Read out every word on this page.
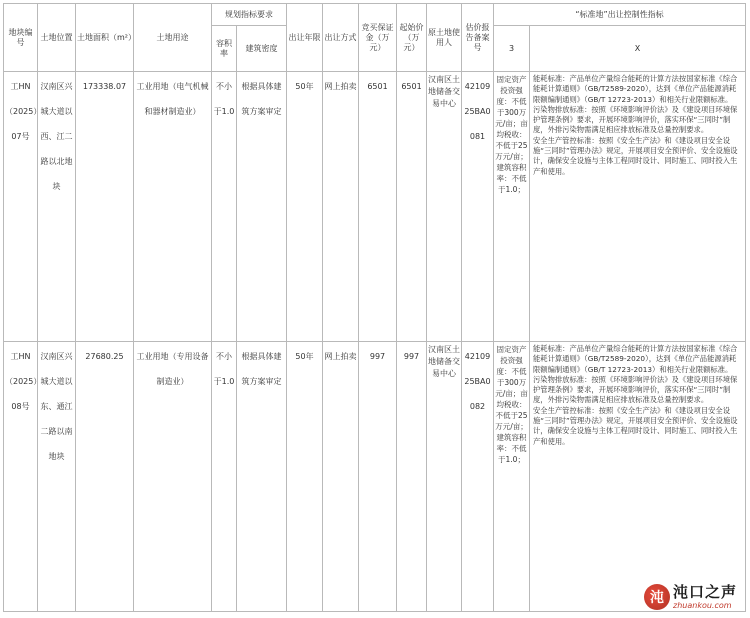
地块编号	土地位置	土地面积（m²）	土地用途	规划指标要求		出让年限	出让方式	竞买保证金（万元）	起始价（万元）	原土地使用人	估价报告备案号	“标准地”出让控制性指标	
				容积率	建筑密度							3	X
工HN（2025）07号	汉南区兴城大道以西、江二路以北地块	173338.07	工业用地（电气机械和器材制造业）	不小于1.0	根据具体建筑方案审定	50年	网上拍卖	6501	6501	汉南区土地储备交易中心	4210925BA0081	固定资产投资强度：不低于300万元/亩；亩均税收：不低于25万元/亩；建筑容积率：不低于1.0；	能耗标准：产品单位产量综合能耗的计算方法按国家标准《综合能耗计算通则》（GB/T2589-2020），达到《单位产品能源消耗限额编制通则》（GB/T 12723-2013）和相关行业限额标准。
污染物排放标准：按照《环境影响评价法》及《建设项目环境保护管理条例》要求，开展环境影响评价，落实环保“三同时”制度，外排污染物需满足相应排放标准及总量控制要求。
安全生产管控标准：按照《安全生产法》和《建设项目安全设施“三同时”管理办法》规定，开展项目安全预评价、安全设施设计，确保安全设施与主体工程同时设计、同时施工、同时投入生产和使用。
工HN（2025）08号	汉南区兴城大道以东、通江二路以南地块	27680.25	工业用地（专用设备制造业）	不小于1.0	根据具体建筑方案审定	50年	网上拍卖	997	997	汉南区土地储备交易中心	4210925BA0082	固定资产投资强度：不低于300万元/亩；亩均税收：不低于25万元/亩；建筑容积率：不低于1.0；	能耗标准：产品单位产量综合能耗的计算方法按国家标准《综合能耗计算通则》（GB/T2589-2020），达到《单位产品能源消耗限额编制通则》（GB/T 12723-2013）和相关行业限额标准。
污染物排放标准：按照《环境影响评价法》及《建设项目环境保护管理条例》要求，开展环境影响评价，落实环保“三同时”制度，外排污染物需满足相应排放标准及总量控制要求。
安全生产管控标准：按照《安全生产法》和《建设项目安全设施“三同时”管理办法》规定，开展项目安全预评价、安全设施设计，确保安全设施与主体工程同时设计、同时施工、同时投入生产和使用。
沌 沌口之声
zhuankou.com
